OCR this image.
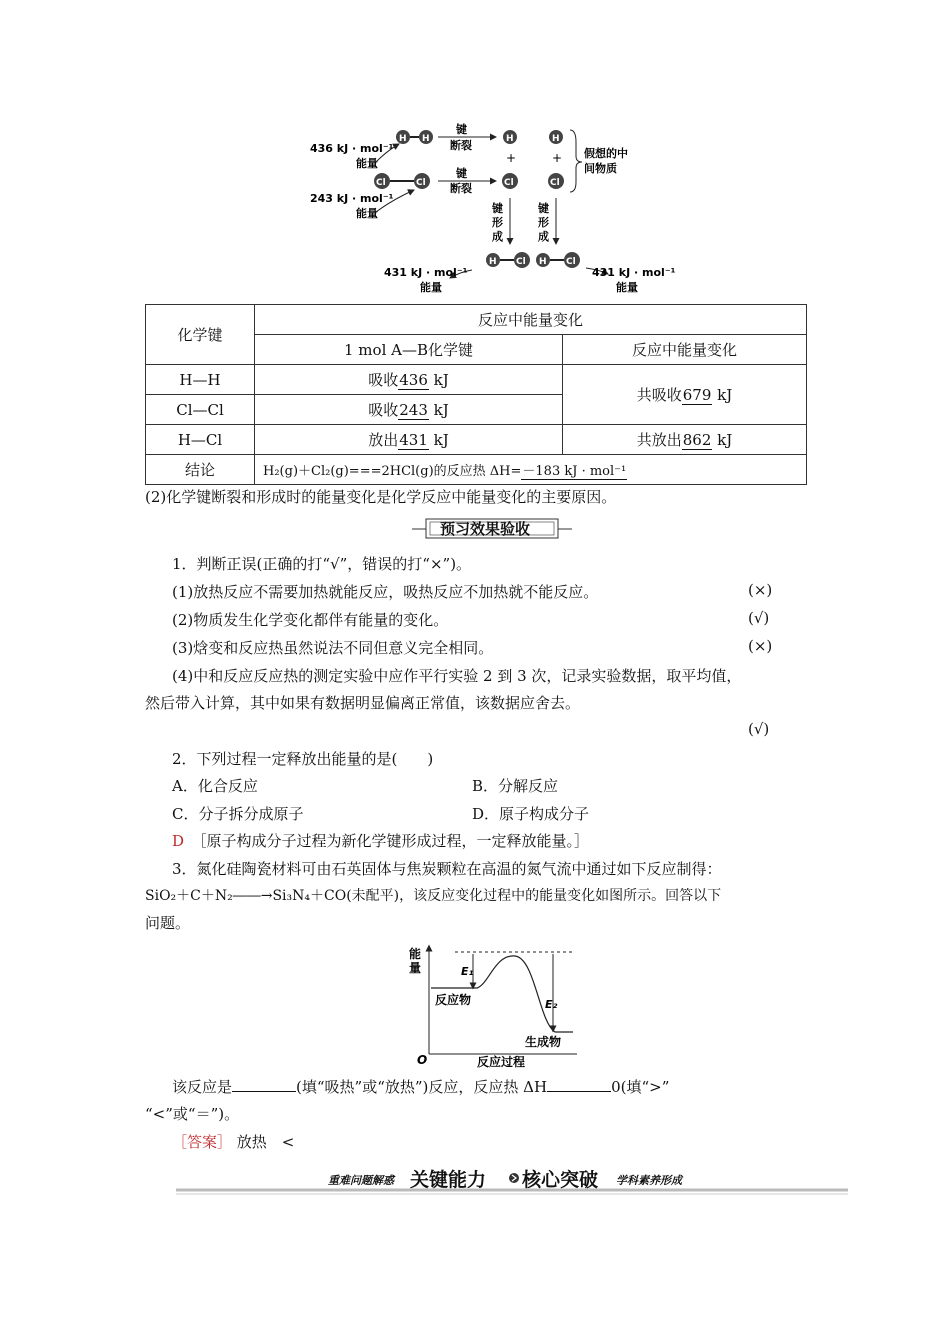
436 kJ · mol⁻¹
能量
243 kJ · mol⁻¹
能量
H H
Cl	Cl
键
断裂
键
断裂
H	H
+	+
Cl	Cl
假想的中
间物质
键
形
成
键
形
成
H Cl H Cl
431 kJ · mol⁻¹
能量
431 kJ · mol⁻¹
能量
化学键	反应中能量变化	
	1 mol A—B化学键	反应中能量变化
H—H	吸收436 kJ	共吸收679 kJ
Cl—Cl	吸收243 kJ	
H—Cl	放出431 kJ	共放出862 kJ
结论	H₂(g)＋Cl₂(g)===2HCl(g)的反应热 ΔH=－183 kJ · mol⁻¹	
(2)化学键断裂和形成时的能量变化是化学反应中能量变化的主要原因。
预习效果验收
1．判断正误(正确的打“√”，错误的打“×”)。
(1)放热反应不需要加热就能反应，吸热反应不加热就不能反应。	(×)
(2)物质发生化学变化都伴有能量的变化。	(√)
(3)焓变和反应热虽然说法不同但意义完全相同。	(×)
(4)中和反应反应热的测定实验中应作平行实验 2 到 3 次，记录实验数据，取平均值，
然后带入计算，其中如果有数据明显偏离正常值，该数据应舍去。
(√)
2．下列过程一定释放出能量的是(　　)
A．化合反应	B．分解反应
C．分子拆分成原子	D．原子构成分子
D　 ［原子构成分子过程为新化学键形成过程，一定释放能量。］
3．氮化硅陶瓷材料可由石英固体与焦炭颗粒在高温的氮气流中通过如下反应制得：
SiO₂＋C＋N₂――→Si₃N₄＋CO(未配平)，该反应变化过程中的能量变化如图所示。回答以下
问题。
能
量
O
E₁
E₂
反应物
生成物
反应过程
该反应是	(填“吸热”或“放热”)反应，反应热 ΔH	0(填“>”
“<”或“＝”)。
［答案］ 放热　<
重难问题解惑 关键能力 核心突破 学科素养形成
